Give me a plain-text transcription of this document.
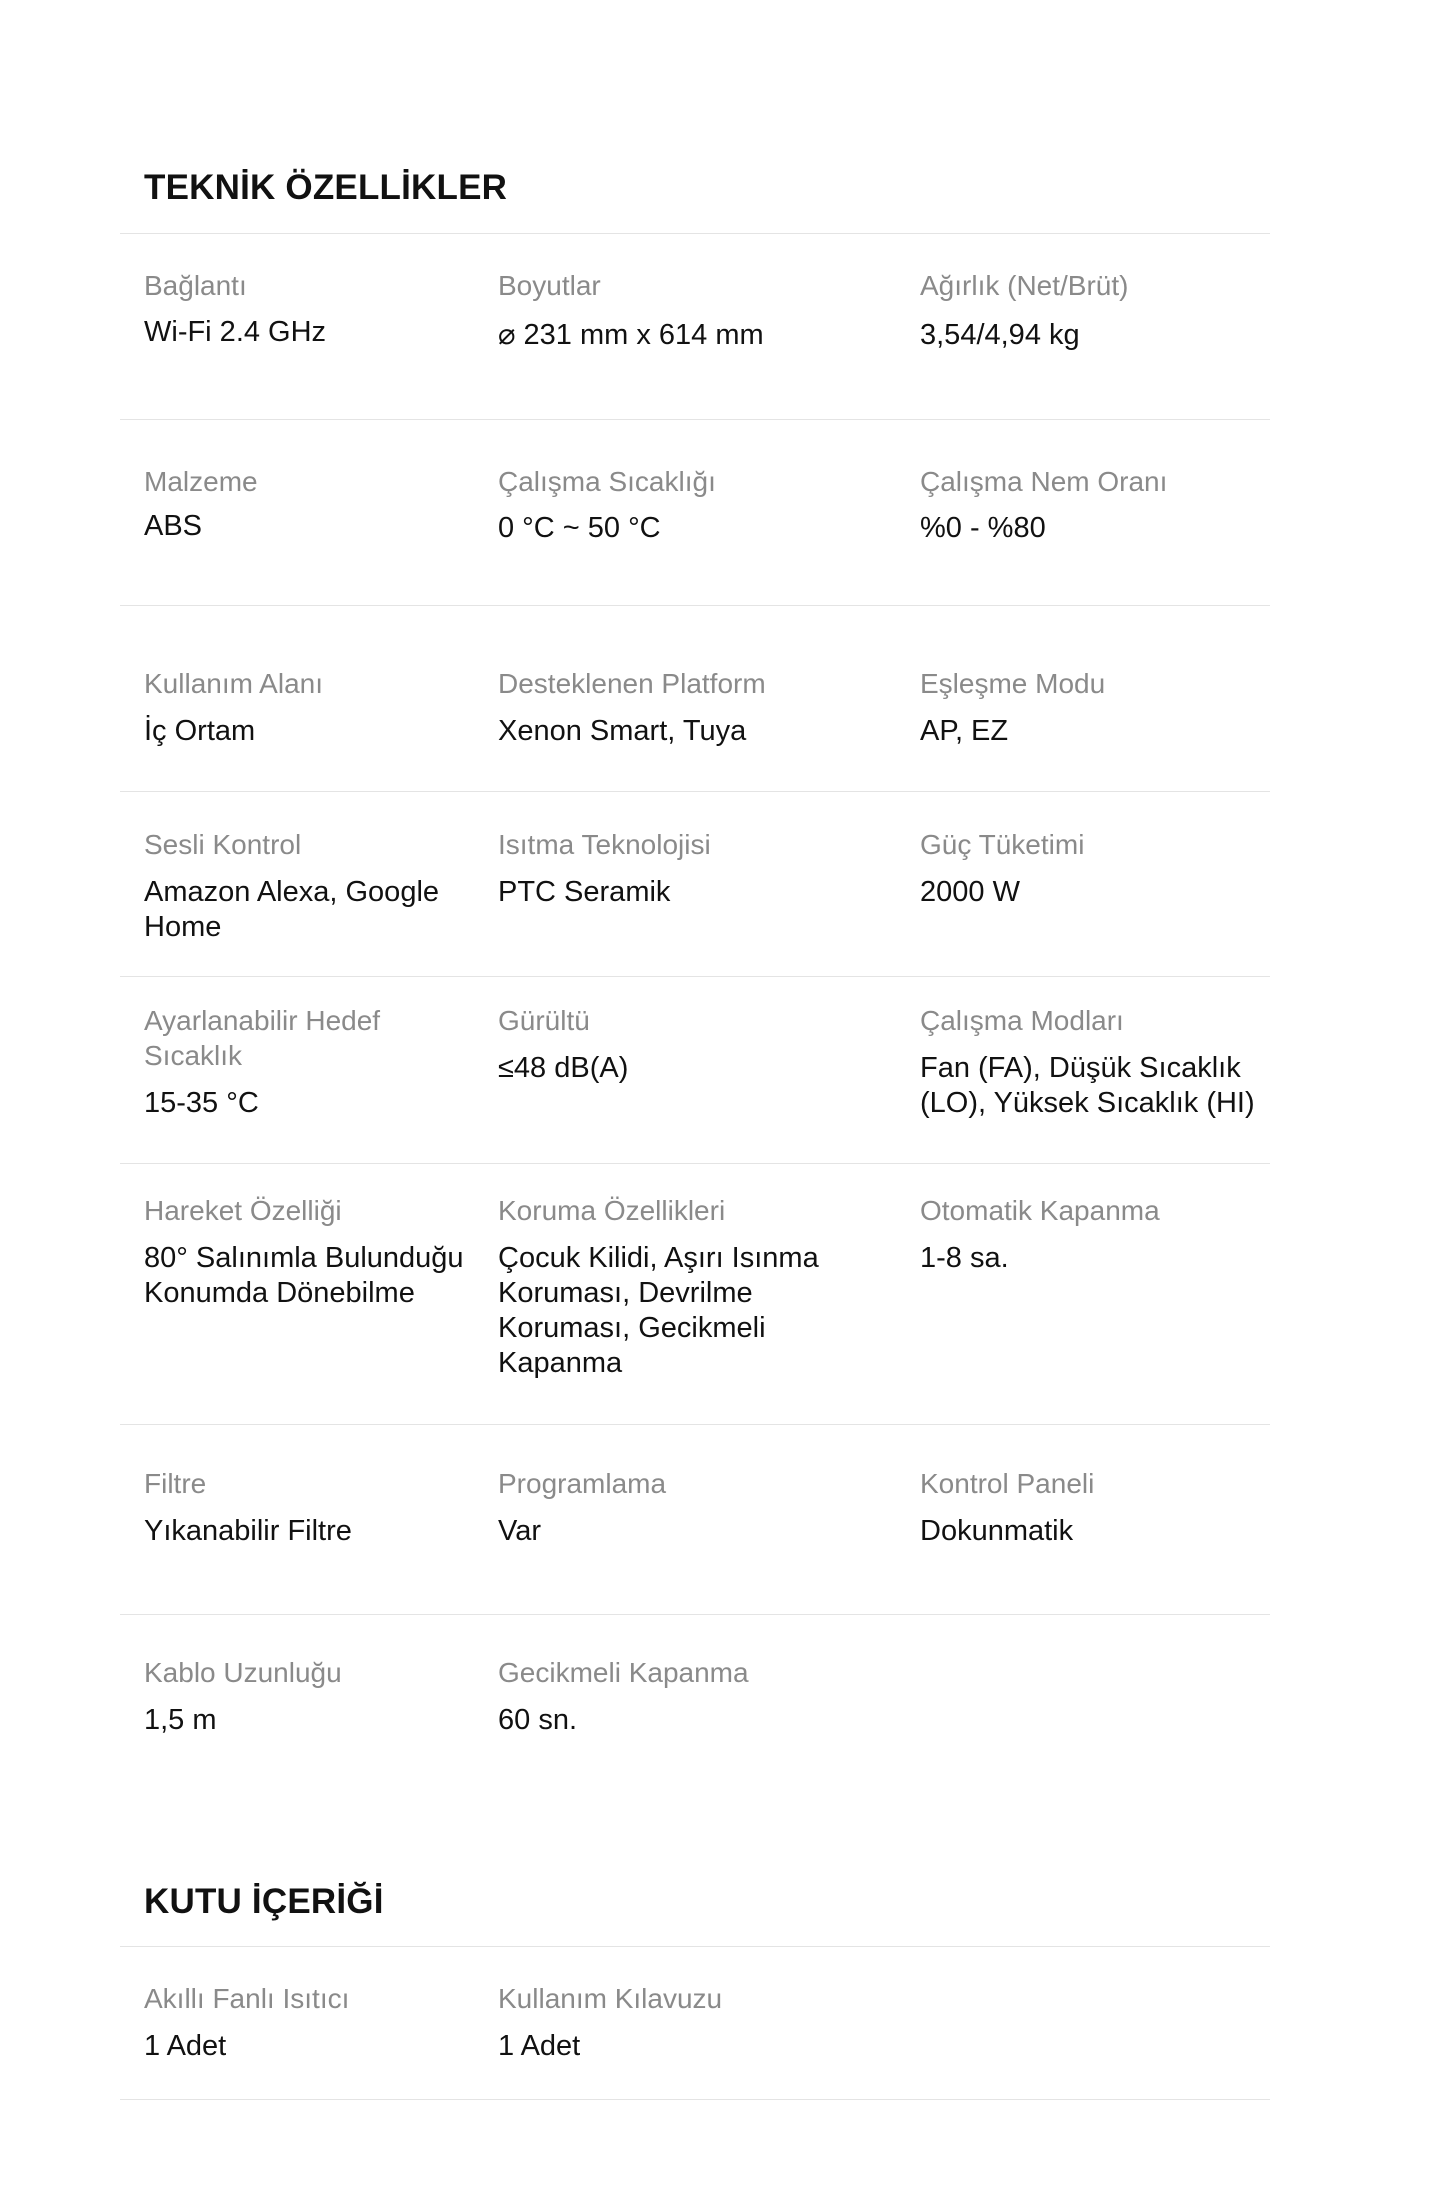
TEKNİK ÖZELLİKLER
Bağlantı
Wi-Fi 2.4 GHz
Boyutlar
⌀ 231 mm x 614 mm
Ağırlık (Net/Brüt)
3,54/4,94 kg
Malzeme
ABS
Çalışma Sıcaklığı
0 °C ~ 50 °C
Çalışma Nem Oranı
%0 - %80
Kullanım Alanı
İç Ortam
Desteklenen Platform
Xenon Smart, Tuya
Eşleşme Modu
AP, EZ
Sesli Kontrol
Amazon Alexa, Google Home
Isıtma Teknolojisi
PTC Seramik
Güç Tüketimi
2000 W
Ayarlanabilir Hedef Sıcaklık
15-35 °C
Gürültü
≤48 dB(A)
Çalışma Modları
Fan (FA), Düşük Sıcaklık (LO), Yüksek Sıcaklık (HI)
Hareket Özelliği
80° Salınımla Bulunduğu Konumda Dönebilme
Koruma Özellikleri
Çocuk Kilidi, Aşırı Isınma Koruması, Devrilme Koruması, Gecikmeli Kapanma
Otomatik Kapanma
1-8 sa.
Filtre
Yıkanabilir Filtre
Programlama
Var
Kontrol Paneli
Dokunmatik
Kablo Uzunluğu
1,5 m
Gecikmeli Kapanma
60 sn.
KUTU İÇERİĞİ
Akıllı Fanlı Isıtıcı
1 Adet
Kullanım Kılavuzu
1 Adet
